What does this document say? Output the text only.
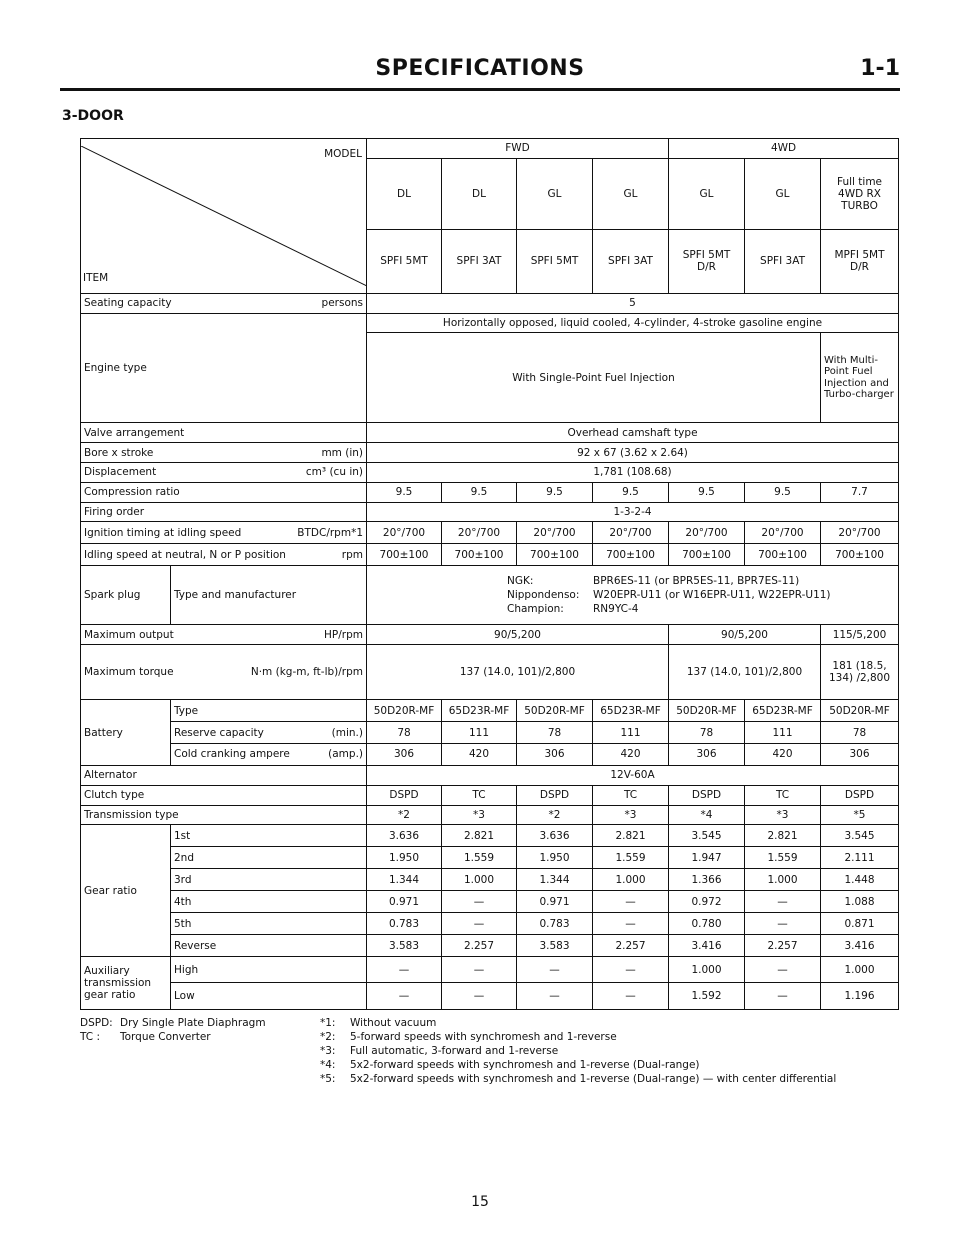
SPECIFICATIONS	1-1
3-DOOR
MODEL
ITEM		FWD				4WD		
		DL	DL	GL	GL	GL	GL	Full time 4WD RX TURBO
		SPFI 5MT	SPFI 3AT	SPFI 5MT	SPFI 3AT	SPFI 5MT D/R	SPFI 3AT	MPFI 5MT D/R

Seating capacity persons		5						
Engine type		Horizontally opposed, liquid cooled, 4-cylinder, 4-stroke gasoline engine						
		With Single-Point Fuel Injection						With Multi-Point Fuel Injection and Turbo-charger
Valve arrangement		Overhead camshaft type						

Bore x stroke mm (in)		92 x 67 (3.62 x 2.64)						

Displacement cm³ (cu in)		1,781 (108.68)						
Compression ratio		9.5	9.5	9.5	9.5	9.5	9.5	7.7
Firing order		1-3-2-4						

Ignition timing at idling speed BTDC/rpm*1		20°/700	20°/700	20°/700	20°/700	20°/700	20°/700	20°/700

Idling speed at neutral, N or P position rpm		700±100	700±100	700±100	700±100	700±100	700±100	700±100
Spark plug	Type and manufacturer	NGK: BPR6ES-11 (or BPR5ES-11, BPR7ES-11)
Nippondenso: W20EPR-U11 (or W16EPR-U11, W22EPR-U11)
Champion: RN9YC-4						

Maximum output HP/rpm		90/5,200				90/5,200		115/5,200

Maximum torque N·m (kg-m, ft-lb)/rpm		137 (14.0, 101)/2,800				137 (14.0, 101)/2,800		181 (18.5, 134) /2,800
Battery	Type	50D20R-MF	65D23R-MF	50D20R-MF	65D23R-MF	50D20R-MF	65D23R-MF	50D20R-MF

	Reserve capacity (min.)	78	111	78	111	78	111	78

	Cold cranking ampere (amp.)	306	420	306	420	306	420	306
Alternator		12V-60A						
Clutch type		DSPD	TC	DSPD	TC	DSPD	TC	DSPD
Transmission type		*2	*3	*2	*3	*4	*3	*5
Gear ratio	1st	3.636	2.821	3.636	2.821	3.545	2.821	3.545
	2nd	1.950	1.559	1.950	1.559	1.947	1.559	2.111
	3rd	1.344	1.000	1.344	1.000	1.366	1.000	1.448
	4th	0.971	—	0.971	—	0.972	—	1.088
	5th	0.783	—	0.783	—	0.780	—	0.871
	Reverse	3.583	2.257	3.583	2.257	3.416	2.257	3.416
Auxiliary transmission gear ratio	High	—	—	—	—	1.000	—	1.000
	Low	—	—	—	—	1.592	—	1.196
DSPD: Dry Single Plate Diaphragm
TC :	Torque Converter
*1:	Without vacuum
*2:	5-forward speeds with synchromesh and 1-reverse
*3:	Full automatic, 3-forward and 1-reverse
*4:	5x2-forward speeds with synchromesh and 1-reverse (Dual-range)
*5:	5x2-forward speeds with synchromesh and 1-reverse (Dual-range) — with center differential
15
